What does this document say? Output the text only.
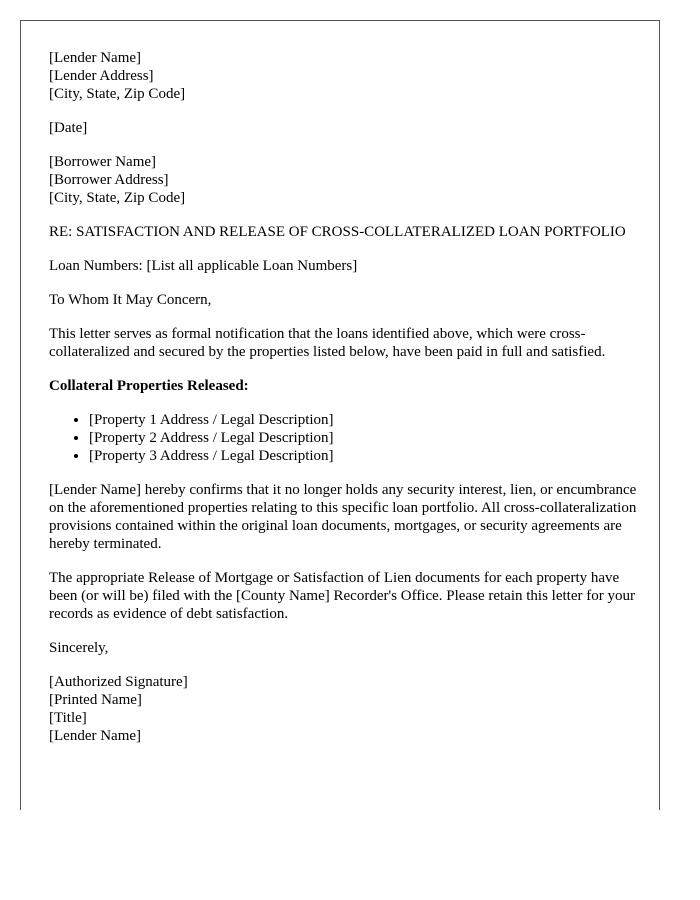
[Lender Name]
[Lender Address]
[City, State, Zip Code]
[Date]
[Borrower Name]
[Borrower Address]
[City, State, Zip Code]
RE: SATISFACTION AND RELEASE OF CROSS-COLLATERALIZED LOAN PORTFOLIO
Loan Numbers: [List all applicable Loan Numbers]
To Whom It May Concern,
This letter serves as formal notification that the loans identified above, which were cross-collateralized and secured by the properties listed below, have been paid in full and satisfied.
Collateral Properties Released:
• [Property 1 Address / Legal Description]
• [Property 2 Address / Legal Description]
• [Property 3 Address / Legal Description]
[Lender Name] hereby confirms that it no longer holds any security interest, lien, or encumbrance on the aforementioned properties relating to this specific loan portfolio. All cross-collateralization provisions contained within the original loan documents, mortgages, or security agreements are hereby terminated.
The appropriate Release of Mortgage or Satisfaction of Lien documents for each property have been (or will be) filed with the [County Name] Recorder's Office. Please retain this letter for your records as evidence of debt satisfaction.
Sincerely,
[Authorized Signature]
[Printed Name]
[Title]
[Lender Name]
